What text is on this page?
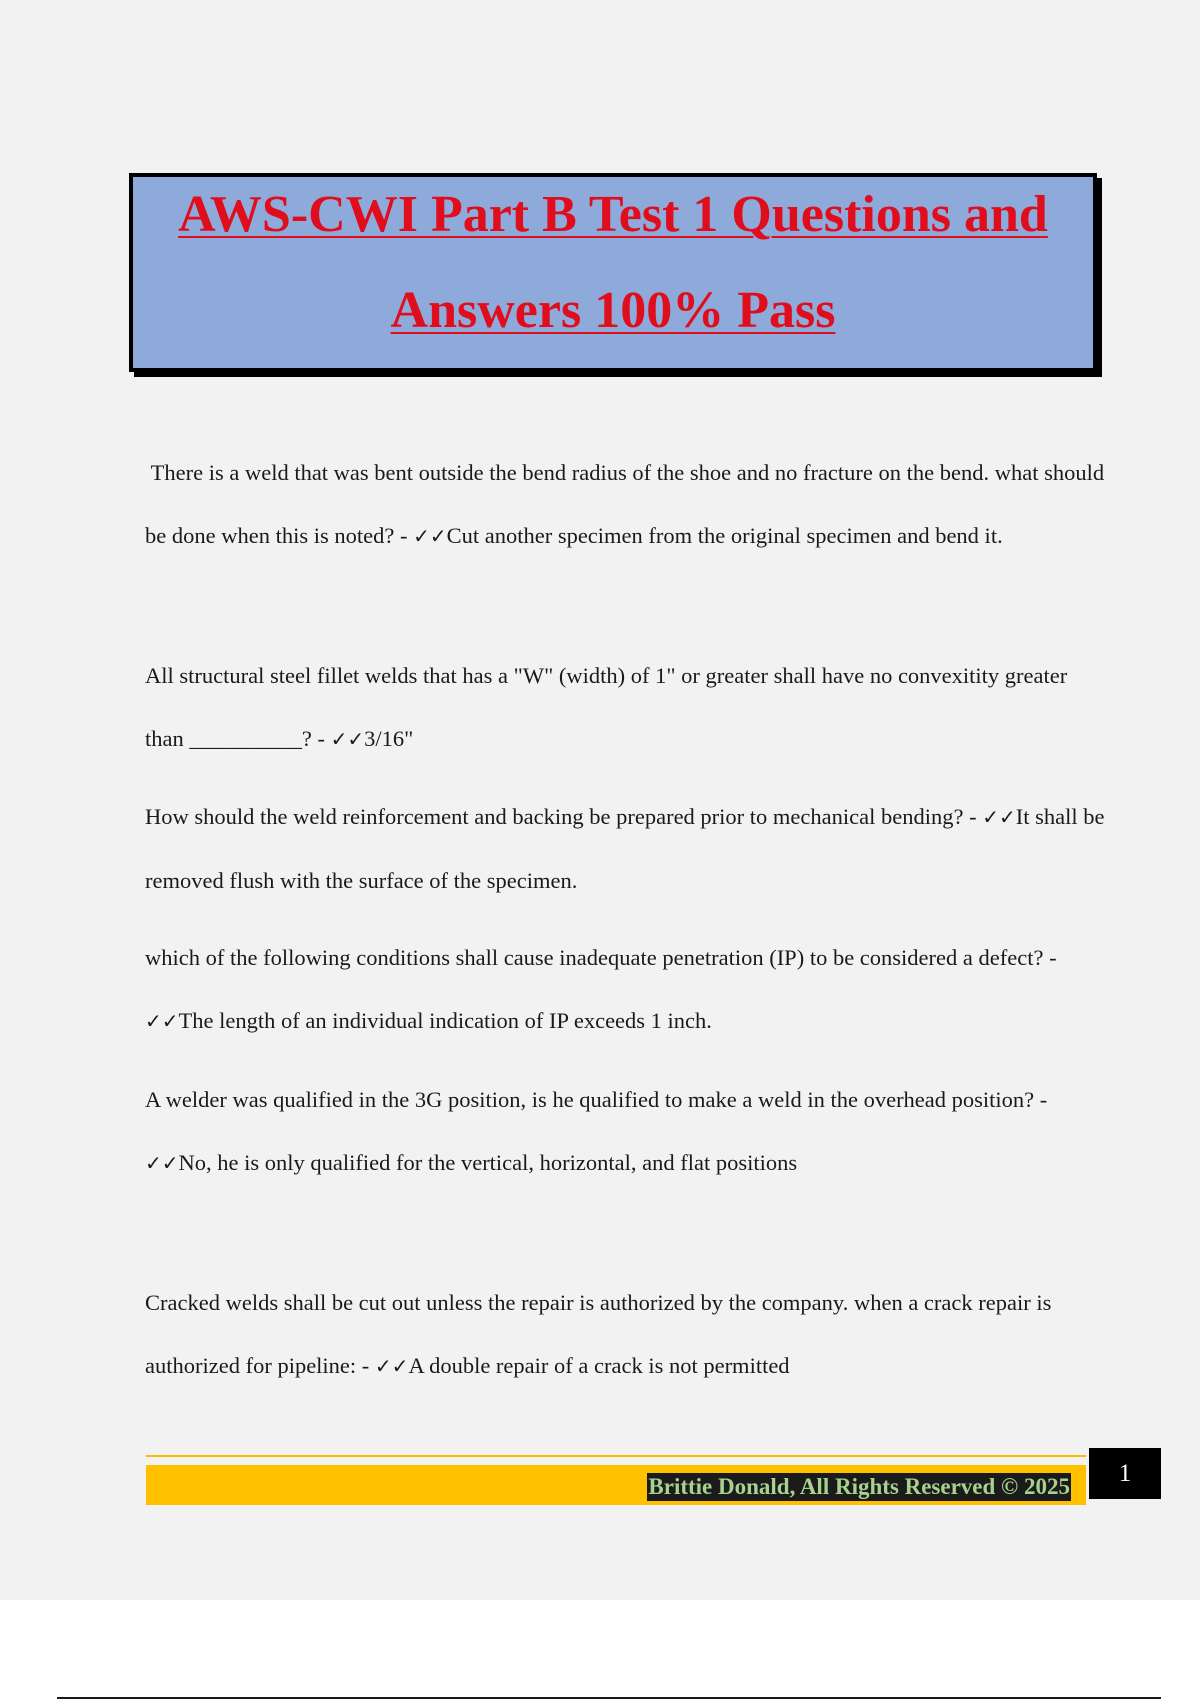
AWS-CWI Part B Test 1 Questions and
Answers 100% Pass

There is a weld that was bent outside the bend radius of the shoe and no fracture on the bend. what should be done when this is noted? - ✓✓Cut another specimen from the original specimen and bend it.

All structural steel fillet welds that has a "W" (width) of 1" or greater shall have no convexitity greater than __________? - ✓✓3/16"

How should the weld reinforcement and backing be prepared prior to mechanical bending? - ✓✓It shall be removed flush with the surface of the specimen.

which of the following conditions shall cause inadequate penetration (IP) to be considered a defect? - ✓✓The length of an individual indication of IP exceeds 1 inch.

A welder was qualified in the 3G position, is he qualified to make a weld in the overhead position? - ✓✓No, he is only qualified for the vertical, horizontal, and flat positions

Cracked welds shall be cut out unless the repair is authorized by the company. when a crack repair is authorized for pipeline: - ✓✓A double repair of a crack is not permitted

Brittie Donald, All Rights Reserved © 2025	1
